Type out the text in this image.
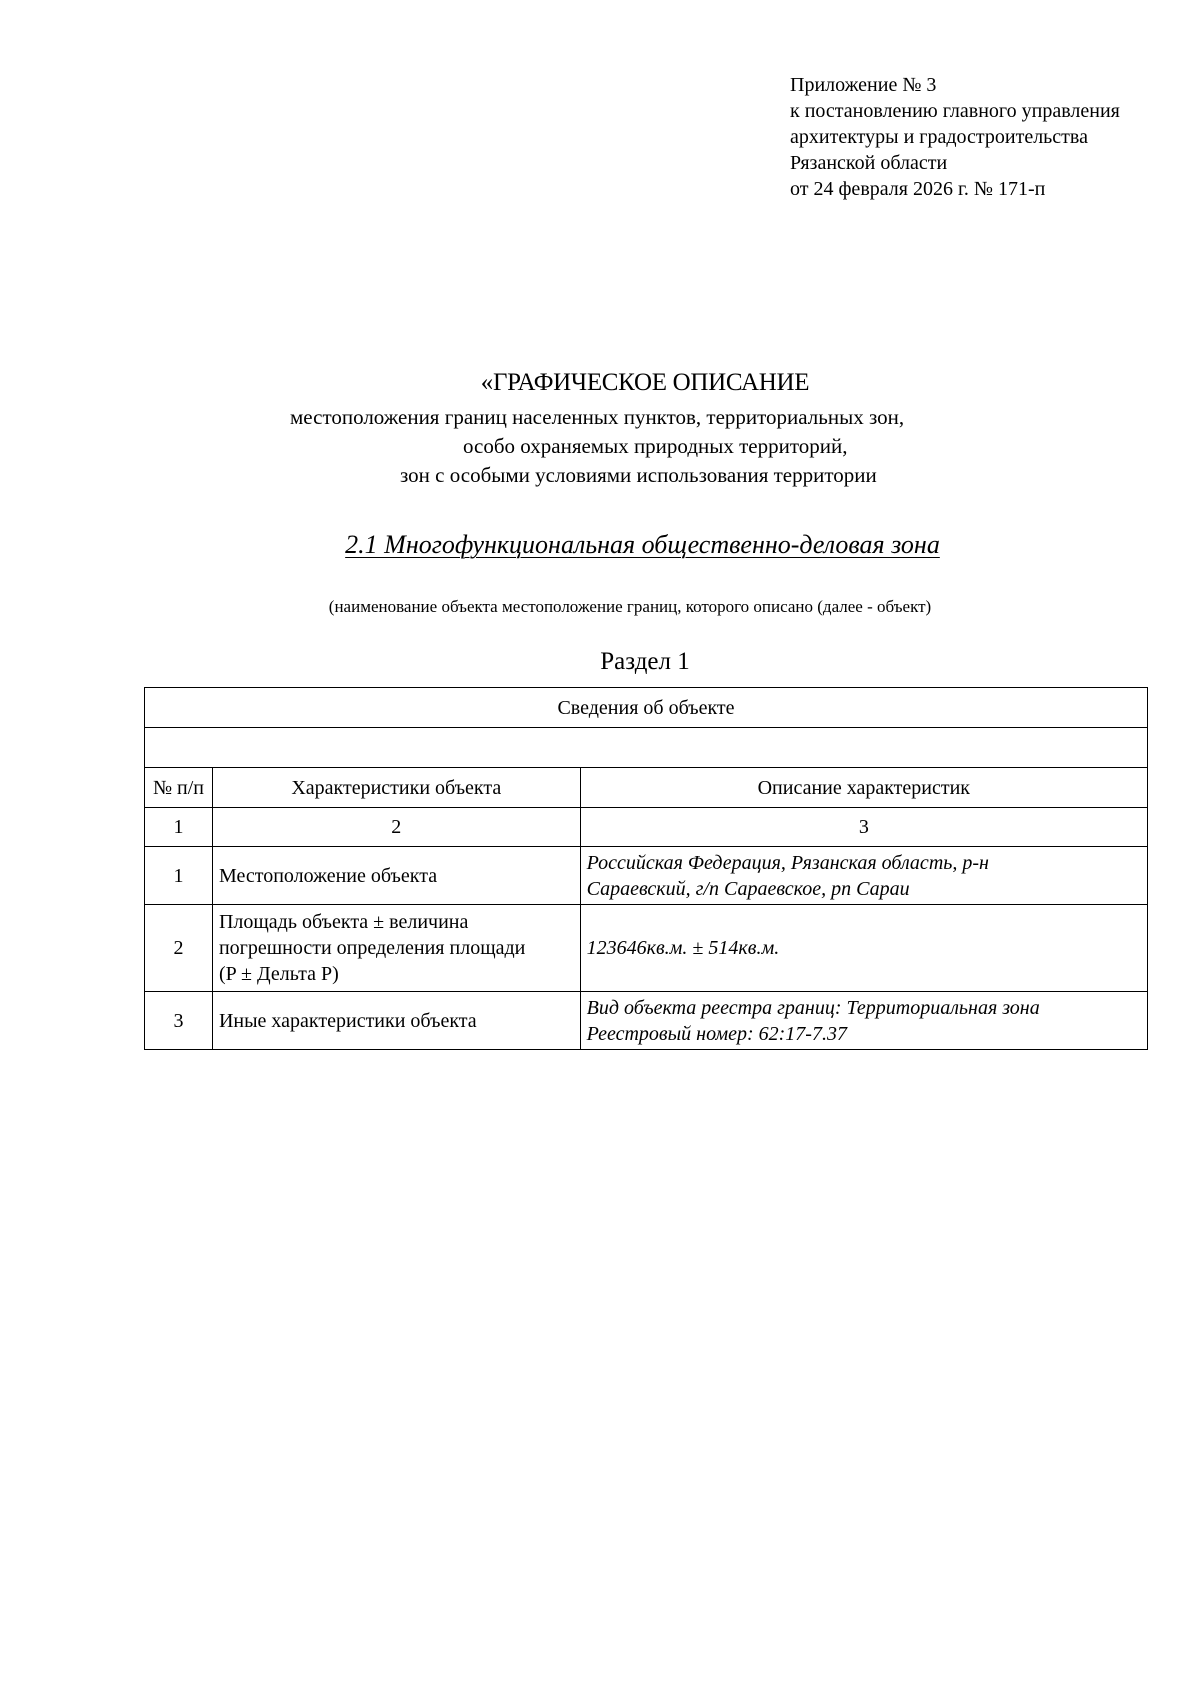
Приложение № 3
к постановлению главного управления
архитектуры и градостроительства
Рязанской области
от 24 февраля 2026 г. № 171-п
«ГРАФИЧЕСКОЕ ОПИСАНИЕ
местоположения границ населенных пунктов, территориальных зон,
особо охраняемых природных территорий,
зон с особыми условиями использования территории
2.1 Многофункциональная общественно-деловая зона
(наименование объекта местоположение границ, которого описано (далее - объект)
Раздел 1
Сведения об объекте		

№ п/п	Характеристики объекта	Описание характеристик
1	2	3
1	Местоположение объекта	Российская Федерация, Рязанская область, р-н
Сараевский, г/п Сараевское, рп Сараи

2	Площадь объекта ± величина
погрешности определения площади
(P ± Дельта P)	123646кв.м. ± 514кв.м.
3	Иные характеристики объекта	Вид объекта реестра границ: Территориальная зона
Реестровый номер: 62:17-7.37
